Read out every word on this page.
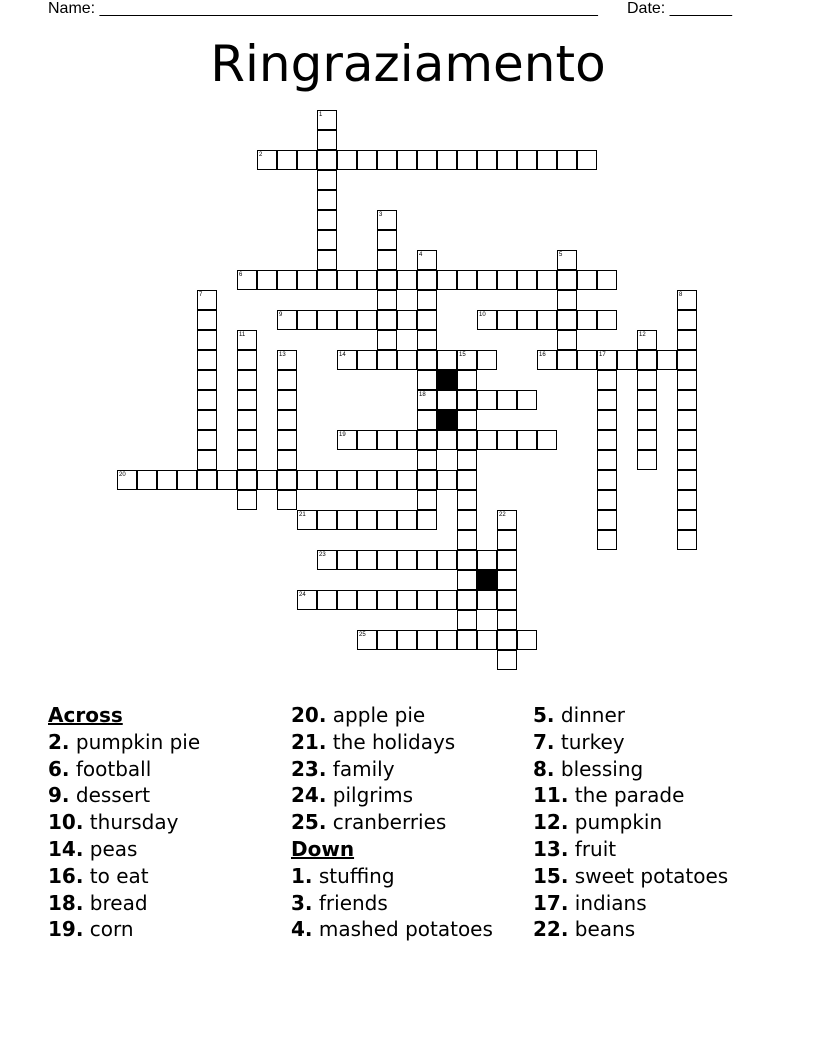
Name: ________________________________________________________ Date: _______
Ringraziamento
2
6
9	10
14	15	16	17
18
19
20
21
23
24
25
1
3
4	5
7	8
11	12
13
22
Across
2. pumpkin pie
6. football
9. dessert
10. thursday
14. peas
16. to eat
18. bread
19. corn
20. apple pie
21. the holidays
23. family
24. pilgrims
25. cranberries
Down
1. stuffing
3. friends
4. mashed potatoes
5. dinner
7. turkey
8. blessing
11. the parade
12. pumpkin
13. fruit
15. sweet potatoes
17. indians
22. beans
